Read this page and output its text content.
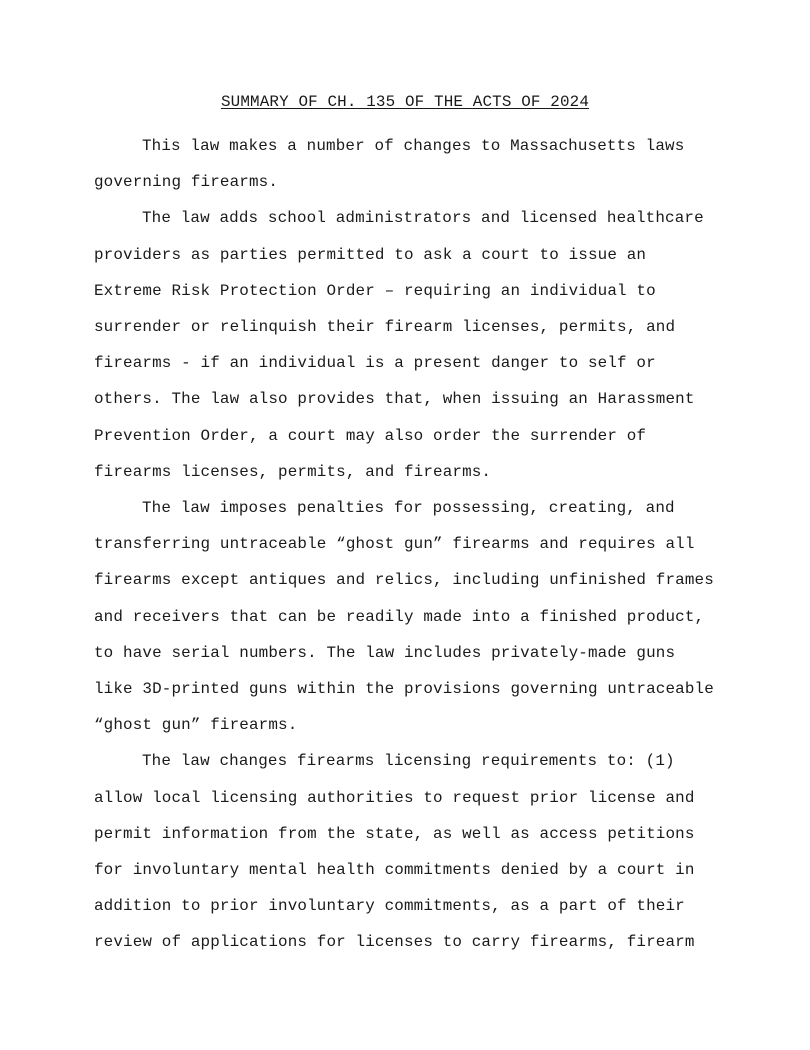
SUMMARY OF CH. 135 OF THE ACTS OF 2024

This law makes a number of changes to Massachusetts laws
governing firearms.

The law adds school administrators and licensed healthcare
providers as parties permitted to ask a court to issue an
Extreme Risk Protection Order – requiring an individual to
surrender or relinquish their firearm licenses, permits, and
firearms - if an individual is a present danger to self or
others. The law also provides that, when issuing an Harassment
Prevention Order, a court may also order the surrender of
firearms licenses, permits, and firearms.

The law imposes penalties for possessing, creating, and
transferring untraceable “ghost gun” firearms and requires all
firearms except antiques and relics, including unfinished frames
and receivers that can be readily made into a finished product,
to have serial numbers. The law includes privately-made guns
like 3D-printed guns within the provisions governing untraceable
“ghost gun” firearms.

The law changes firearms licensing requirements to: (1)
allow local licensing authorities to request prior license and
permit information from the state, as well as access petitions
for involuntary mental health commitments denied by a court in
addition to prior involuntary commitments, as a part of their
review of applications for licenses to carry firearms, firearm
